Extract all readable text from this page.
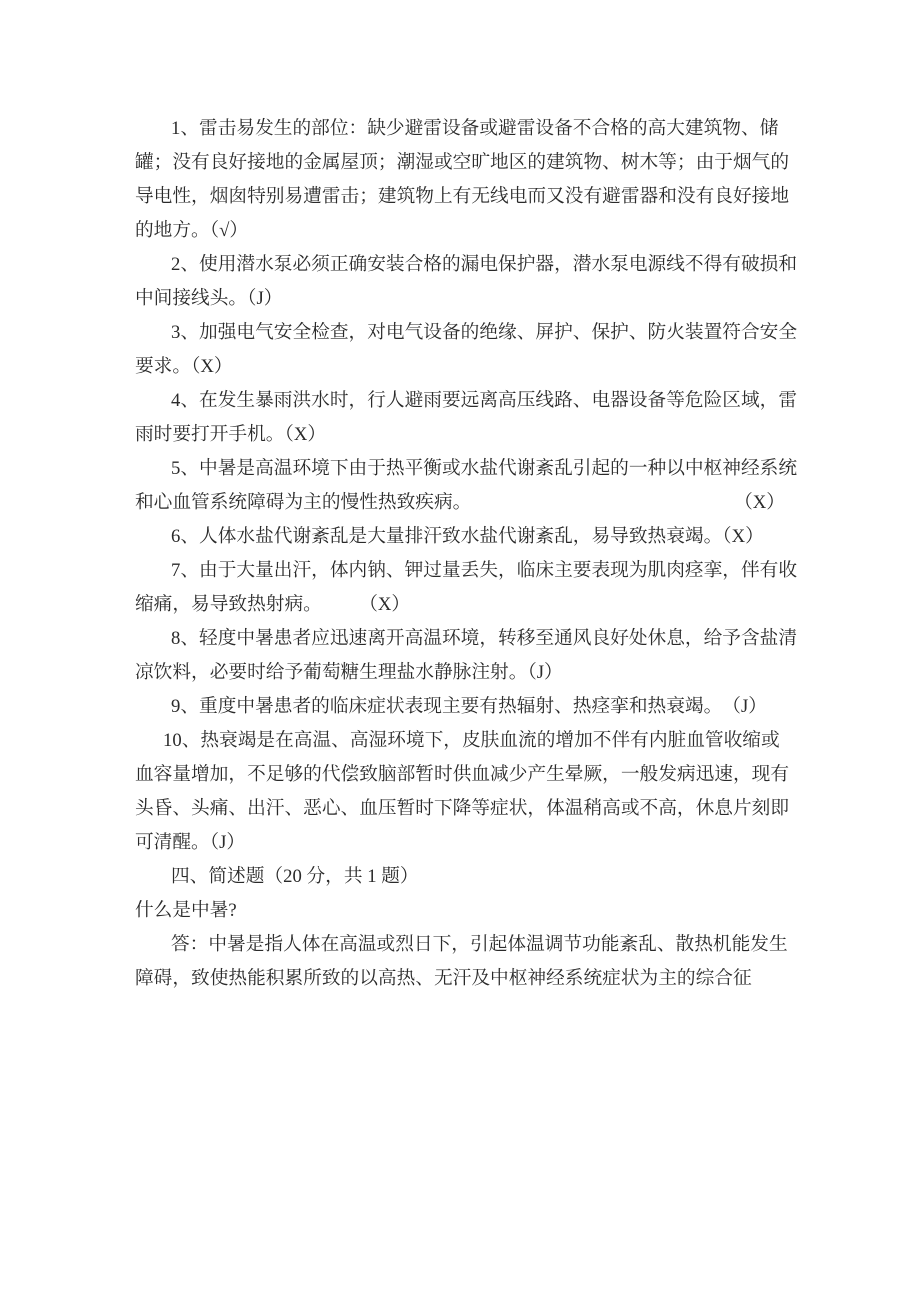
1、雷击易发生的部位：缺少避雷设备或避雷设备不合格的高大建筑物、储
罐；没有良好接地的金属屋顶；潮湿或空旷地区的建筑物、树木等；由于烟气的
导电性，烟囱特别易遭雷击；建筑物上有无线电而又没有避雷器和没有良好接地
的地方。（√）
2、使用潜水泵必须正确安装合格的漏电保护器，潜水泵电源线不得有破损和
中间接线头。（J）
3、加强电气安全检查，对电气设备的绝缘、屏护、保护、防火装置符合安全
要求。（X）
4、在发生暴雨洪水时，行人避雨要远离高压线路、电器设备等危险区域，雷
雨时要打开手机。（X）
5、中暑是高温环境下由于热平衡或水盐代谢紊乱引起的一种以中枢神经系统
和心血管系统障碍为主的慢性热致疾病。	（X）
6、人体水盐代谢紊乱是大量排汗致水盐代谢紊乱，易导致热衰竭。（X）
7、由于大量出汗，体内钠、钾过量丢失，临床主要表现为肌肉痉挛，伴有收
缩痛，易导致热射病。　　　（X）
8、轻度中暑患者应迅速离开高温环境，转移至通风良好处休息，给予含盐清
凉饮料，必要时给予葡萄糖生理盐水静脉注射。（J）
9、重度中暑患者的临床症状表现主要有热辐射、热痉挛和热衰竭。　（J）
10、热衰竭是在高温、高湿环境下，皮肤血流的增加不伴有内脏血管收缩或
血容量增加，不足够的代偿致脑部暂时供血减少产生晕厥，一般发病迅速，现有
头昏、头痛、出汗、恶心、血压暂时下降等症状，体温稍高或不高，休息片刻即
可清醒。（J）
四、简述题（20 分，共 1 题）
什么是中暑?
答：中暑是指人体在高温或烈日下，引起体温调节功能紊乱、散热机能发生
障碍，致使热能积累所致的以高热、无汗及中枢神经系统症状为主的综合征
